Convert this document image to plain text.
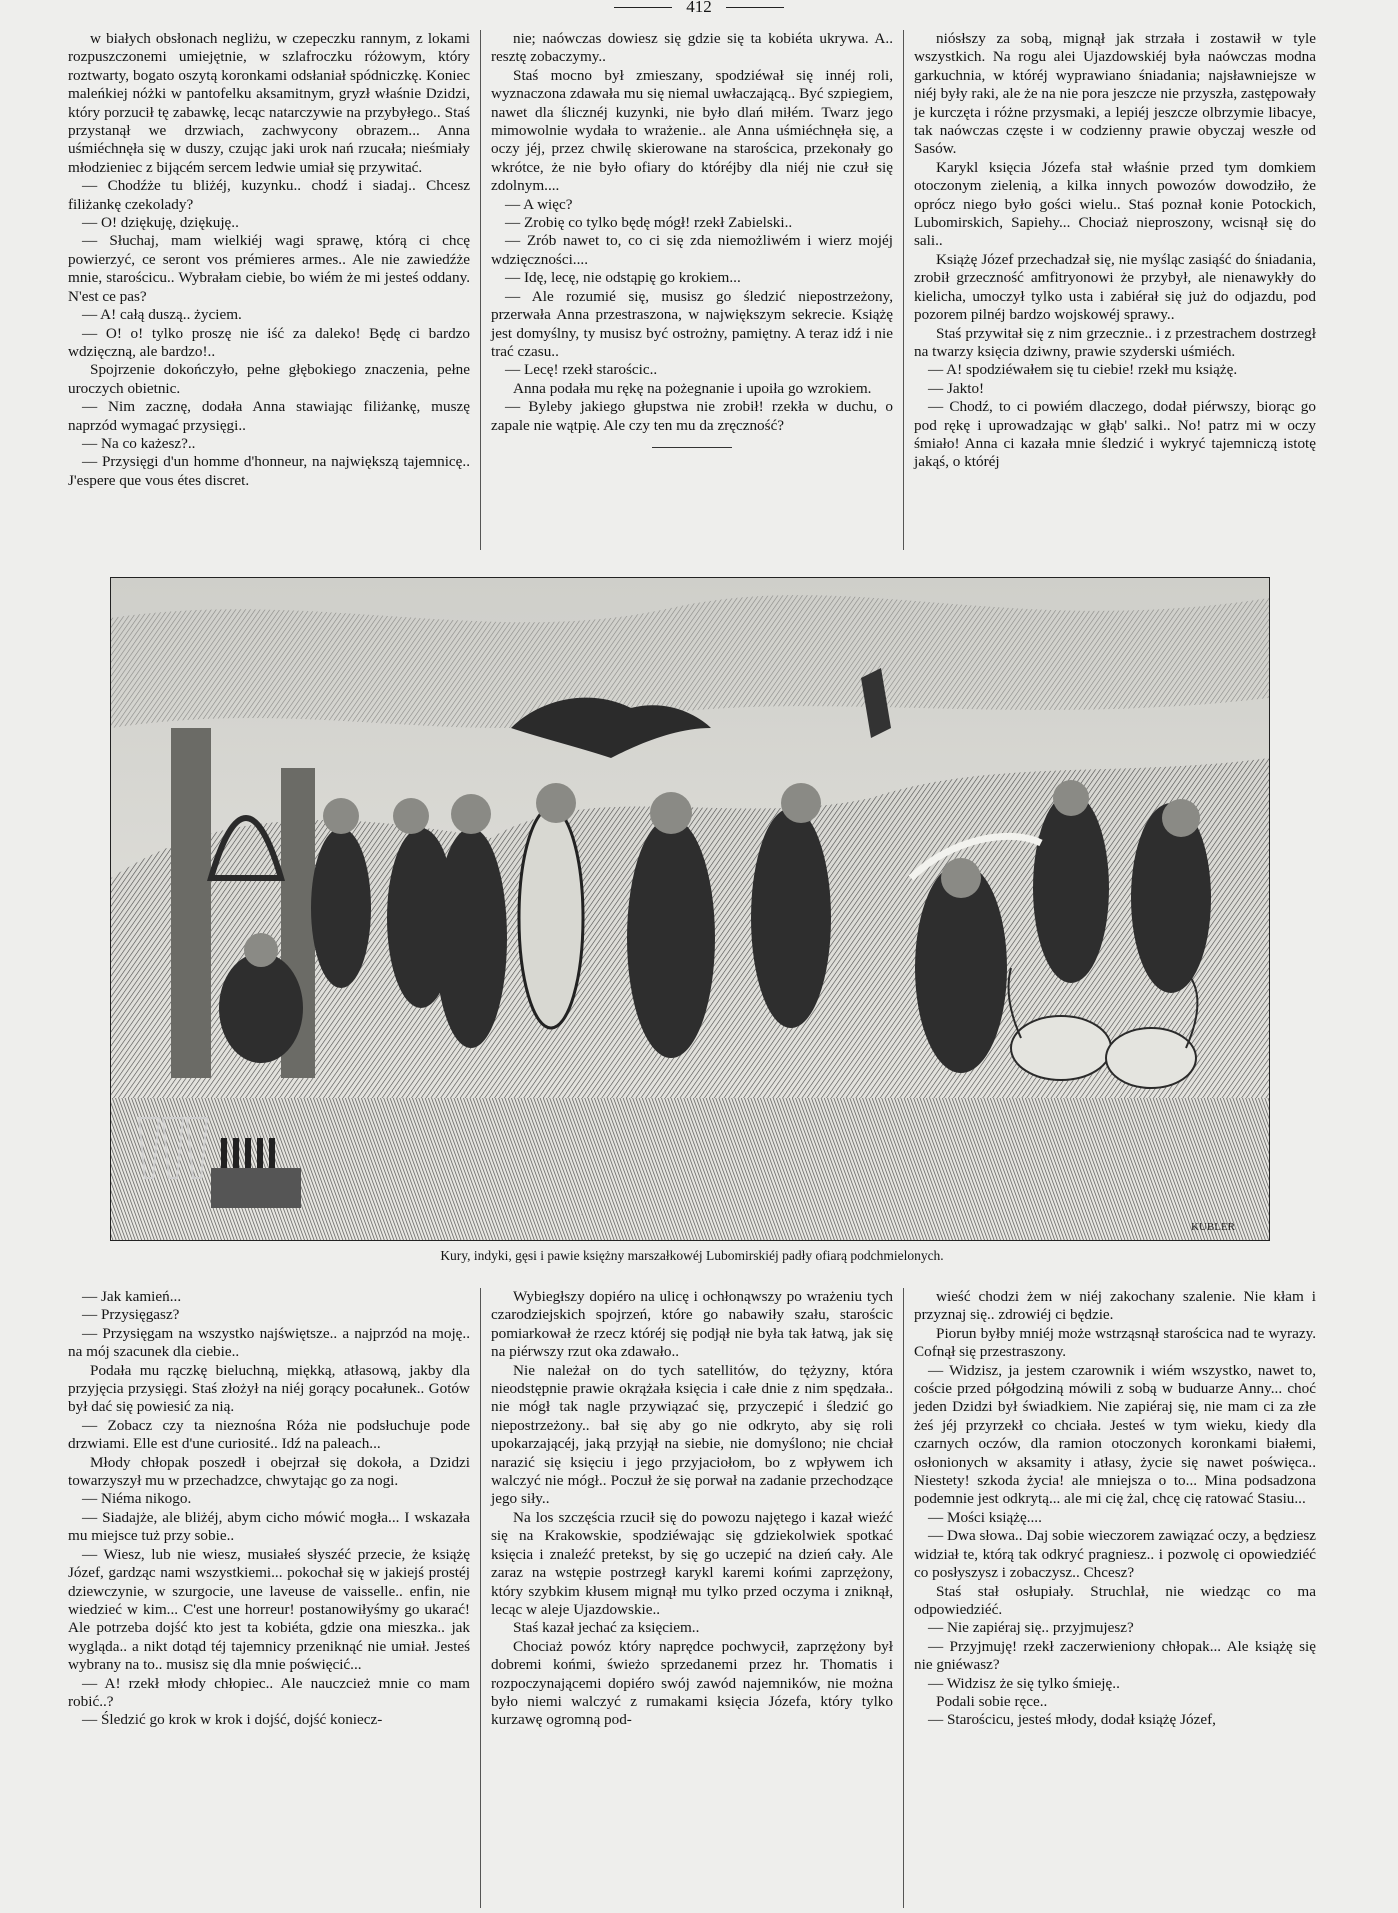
412

w białych obsłonach negliżu, w czepeczku rannym, z lokami rozpuszczonemi umiejętnie, w szlafroczku różowym, który roztwarty, bogato oszytą koronkami odsłaniał spódniczkę. Koniec maleńkiej nóżki w pantofelku aksamitnym, gryzł właśnie Dzidzi, który porzucił tę zabawkę, lecąc natarczywie na przybyłego.. Staś przystanął we drzwiach, zachwycony obrazem... Anna uśmiéchnęła się w duszy, czując jaki urok nań rzucała; nieśmiały młodzieniec z bijącém sercem ledwie umiał się przywitać.

— Chodźże tu bliżéj, kuzynku.. chodź i siadaj.. Chcesz filiżankę czekolady?

— O! dziękuję, dziękuję..

— Słuchaj, mam wielkiéj wagi sprawę, którą ci chcę powierzyć, ce seront vos prémieres armes.. Ale nie zawiedźże mnie, starościcu.. Wybrałam ciebie, bo wiém że mi jesteś oddany. N'est ce pas?

— A! całą duszą.. życiem.

— O! o! tylko proszę nie iść za daleko! Będę ci bardzo wdzięczną, ale bardzo!..

Spojrzenie dokończyło, pełne głębokiego znaczenia, pełne uroczych obietnic.

— Nim zacznę, dodała Anna stawiając filiżankę, muszę naprzód wymagać przysięgi..

— Na co każesz?..

— Przysięgi d'un homme d'honneur, na największą tajemnicę.. J'espere que vous étes discret.

nie; naówczas dowiesz się gdzie się ta kobiéta ukrywa. A.. resztę zobaczymy..

Staś mocno był zmieszany, spodziéwał się innéj roli, wyznaczona zdawała mu się niemal uwłaczającą.. Być szpiegiem, nawet dla ślicznéj kuzynki, nie było dlań miłém. Twarz jego mimowolnie wydała to wrażenie.. ale Anna uśmiéchnęła się, a oczy jéj, przez chwilę skierowane na starościca, przekonały go wkrótce, że nie było ofiary do któréjby dla niéj nie czuł się zdolnym....

— A więc?

— Zrobię co tylko będę mógł! rzekł Zabielski..

— Zrób nawet to, co ci się zda niemożliwém i wierz mojéj wdzięczności....

— Idę, lecę, nie odstąpię go krokiem...

— Ale rozumié się, musisz go śledzić niepostrzeżony, przerwała Anna przestraszona, w największym sekrecie. Książę jest domyślny, ty musisz być ostrożny, pamiętny. A teraz idź i nie trać czasu..

— Lecę! rzekł starościc..

Anna podała mu rękę na pożegnanie i upoiła go wzrokiem.

— Byleby jakiego głupstwa nie zrobił! rzekła w duchu, o zapale nie wątpię. Ale czy ten mu da zręczność?

niósłszy za sobą, mignął jak strzała i zostawił w tyle wszystkich. Na rogu alei Ujazdowskiéj była naówczas modna garkuchnia, w któréj wyprawiano śniadania; najsławniejsze w niéj były raki, ale że na nie pora jeszcze nie przyszła, zastępowały je kurczęta i różne przysmaki, a lepiéj jeszcze olbrzymie libacye, tak naówczas częste i w codzienny prawie obyczaj weszłe od Sasów.

Karykl księcia Józefa stał właśnie przed tym domkiem otoczonym zielenią, a kilka innych powozów dowodziło, że oprócz niego było gości wielu.. Staś poznał konie Potockich, Lubomirskich, Sapiehy... Chociaż nieproszony, wcisnął się do sali..

Książę Józef przechadzał się, nie myśląc zasiąść do śniadania, zrobił grzeczność amfitryonowi że przybył, ale nienawykły do kielicha, umoczył tylko usta i zabiérał się już do odjazdu, pod pozorem pilnéj bardzo wojskowéj sprawy..

Staś przywitał się z nim grzecznie.. i z przestrachem dostrzegł na twarzy księcia dziwny, prawie szyderski uśmiéch.

— A! spodziéwałem się tu ciebie! rzekł mu książę.

— Jakto!

— Chodź, to ci powiém dlaczego, dodał piérwszy, biorąc go pod rękę i uprowadzając w głąb' salki.. No! patrz mi w oczy śmiało! Anna ci kazała mnie śledzić i wykryć tajemniczą istotę jakąś, o któréj

KUBLER
Kury, indyki, gęsi i pawie księżny marszałkowéj Lubomirskiéj padły ofiarą podchmielonych.

— Jak kamień...

— Przysięgasz?

— Przysięgam na wszystko najświętsze.. a najprzód na moję.. na mój szacunek dla ciebie..

Podała mu rączkę bieluchną, miękką, atłasową, jakby dla przyjęcia przysięgi. Staś złożył na niéj gorący pocałunek.. Gotów był dać się powiesić za nią.

— Zobacz czy ta nieznośna Róża nie podsłuchuje pode drzwiami. Elle est d'une curiosité.. Idź na paleach...

Młody chłopak poszedł i obejrzał się dokoła, a Dzidzi towarzyszył mu w przechadzce, chwytając go za nogi.

— Niéma nikogo.

— Siadajże, ale bliżéj, abym cicho mówić mogła... I wskazała mu miejsce tuż przy sobie..

— Wiesz, lub nie wiesz, musiałeś słyszéć przecie, że książę Józef, gardząc nami wszystkiemi... pokochał się w jakiejś prostéj dziewczynie, w szurgocie, une laveuse de vaisselle.. enfin, nie wiedzieć w kim... C'est une horreur! postanowiłyśmy go ukarać! Ale potrzeba dojść kto jest ta kobiéta, gdzie ona mieszka.. jak wygląda.. a nikt dotąd téj tajemnicy przeniknąć nie umiał. Jesteś wybrany na to.. musisz się dla mnie poświęcić...

— A! rzekł młody chłopiec.. Ale nauczcież mnie co mam robić..?

— Śledzić go krok w krok i dojść, dojść koniecz-

Wybiegłszy dopiéro na ulicę i ochłonąwszy po wrażeniu tych czarodziejskich spojrzeń, które go nabawiły szału, starościc pomiarkował że rzecz któréj się podjął nie była tak łatwą, jak się na piérwszy rzut oka zdawało..

Nie należał on do tych satellitów, do tężyzny, która nieodstępnie prawie okrążała księcia i całe dnie z nim spędzała.. nie mógł tak nagle przywiązać się, przyczepić i śledzić go niepostrzeżony.. bał się aby go nie odkryto, aby się roli upokarzającéj, jaką przyjął na siebie, nie domyślono; nie chciał narazić się księciu i jego przyjaciołom, bo z wpływem ich walczyć nie mógł.. Poczuł że się porwał na zadanie przechodzące jego siły..

Na los szczęścia rzucił się do powozu najętego i kazał wieźć się na Krakowskie, spodziéwając się gdziekolwiek spotkać księcia i znaleźć pretekst, by się go uczepić na dzień cały. Ale zaraz na wstępie postrzegł karykl karemi końmi zaprzężony, który szybkim kłusem mignął mu tylko przed oczyma i zniknął, lecąc w aleje Ujazdowskie..

Staś kazał jechać za księciem..

Chociaż powóz który naprędce pochwycił, zaprzężony był dobremi końmi, świeżo sprzedanemi przez hr. Thomatis i rozpoczynającemi dopiéro swój zawód najemników, nie można było niemi walczyć z rumakami księcia Józefa, który tylko kurzawę ogromną pod-

wieść chodzi żem w niéj zakochany szalenie. Nie kłam i przyznaj się.. zdrowiéj ci będzie.

Piorun byłby mniéj może wstrząsnął starościca nad te wyrazy. Cofnął się przestraszony.

— Widzisz, ja jestem czarownik i wiém wszystko, nawet to, coście przed półgodziną mówili z sobą w buduarze Anny... choć jeden Dzidzi był świadkiem. Nie zapiéraj się, nie mam ci za złe żeś jéj przyrzekł co chciała. Jesteś w tym wieku, kiedy dla czarnych oczów, dla ramion otoczonych koronkami białemi, osłonionych w aksamity i atłasy, życie się nawet poświęca.. Niestety! szkoda życia! ale mniejsza o to... Mina podsadzona podemnie jest odkrytą... ale mi cię żal, chcę cię ratować Stasiu...

— Mości książę....

— Dwa słowa.. Daj sobie wieczorem zawiązać oczy, a będziesz widział te, którą tak odkryć pragniesz.. i pozwolę ci opowiedziéć co posłyszysz i zobaczysz.. Chcesz?

Staś stał osłupiały. Struchlał, nie wiedząc co ma odpowiedziéć.

— Nie zapiéraj się.. przyjmujesz?

— Przyjmuję! rzekł zaczerwieniony chłopak... Ale książę się nie gniéwasz?

— Widzisz że się tylko śmieję..

Podali sobie ręce..

— Starościcu, jesteś młody, dodał książę Józef,
